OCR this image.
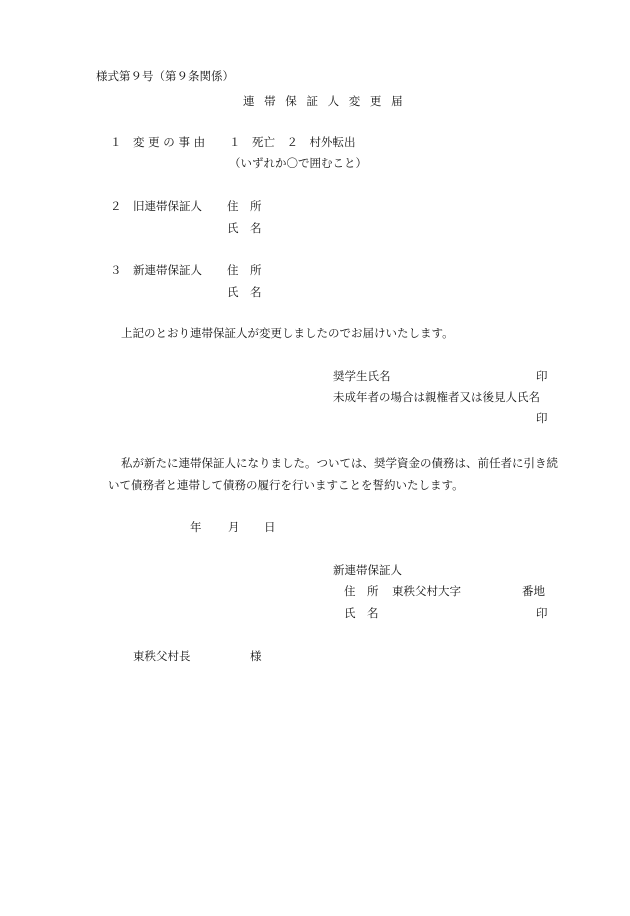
様式第９号（第９条関係）
連 帯 保 証 人 変 更 届
１　変 更 の 事 由 １　死亡　２　村外転出
（いずれか〇で囲むこと）
２　旧連帯保証人 住　所
氏　名
３　新連帯保証人 住　所
氏　名
上記のとおり連帯保証人が変更しましたのでお届けいたします。
奨学生氏名	印
未成年者の場合は親権者又は後見人氏名
印
私が新たに連帯保証人になりました。ついては、奨学資金の債務は、前任者に引き続
いて債務者と連帯して債務の履行を行いますことを誓約いたします。
年 月 日
新連帯保証人
住　所 東秩父村大字	番地
氏　名	印
東秩父村長	様
